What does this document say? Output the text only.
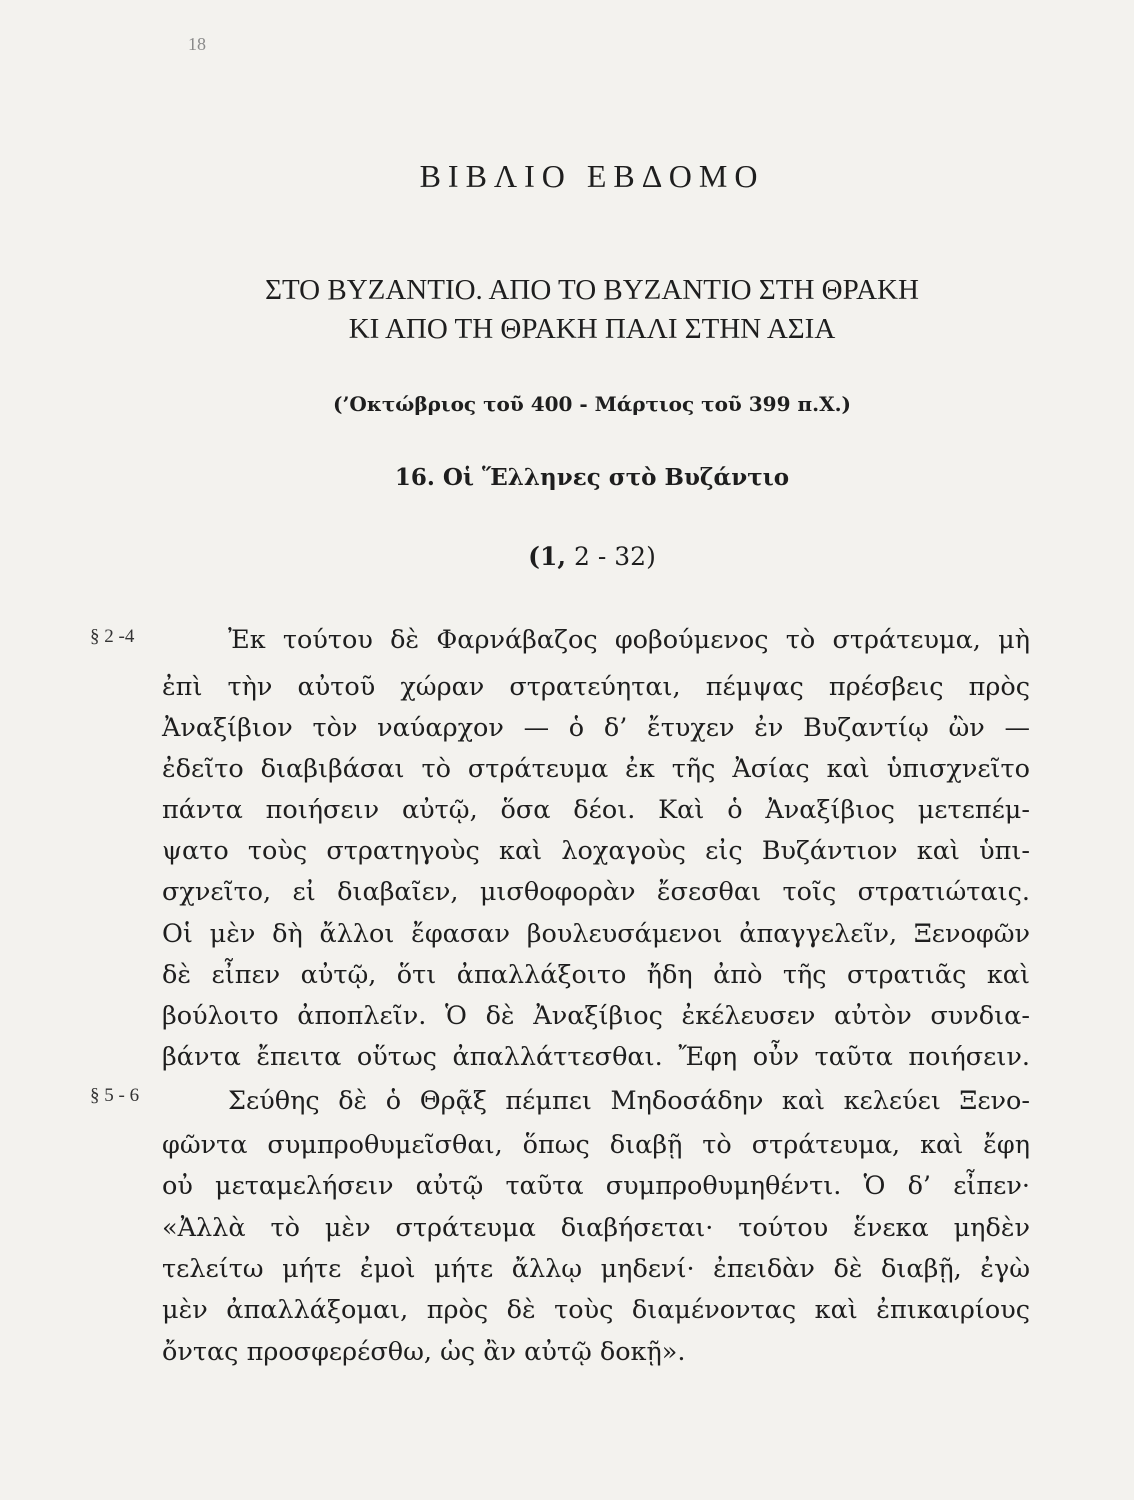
18
ΒΙΒΛΙΟ ΕΒΔΟΜΟ
ΣΤΟ ΒΥΖΑΝΤΙΟ. ΑΠΟ ΤΟ ΒΥΖΑΝΤΙΟ ΣΤΗ ΘΡΑΚΗ
ΚΙ ΑΠΟ ΤΗ ΘΡΑΚΗ ΠΑΛΙ ΣΤΗΝ ΑΣΙΑ
(’Οκτώβριος τοῦ 400 - Μάρτιος τοῦ 399 π.Χ.)
16. Οἱ Ἕλληνες στὸ Βυζάντιο
(1, 2 - 32)
§ 2 -4	Ἐκ τούτου δὲ Φαρνάβαζος φοβούμενος τὸ στράτευμα, μὴ
ἐπὶ τὴν αὐτοῦ χώραν στρατεύηται, πέμψας πρέσβεις πρὸς
Ἀναξίβιον τὸν ναύαρχον — ὁ δ’ ἔτυχεν ἐν Βυζαντίῳ ὢν —
ἐδεῖτο διαβιβάσαι τὸ στράτευμα ἐκ τῆς Ἀσίας καὶ ὑπισχνεῖτο
πάντα ποιήσειν αὐτῷ, ὅσα δέοι. Καὶ ὁ Ἀναξίβιος μετεπέμ-
ψατο τοὺς στρατηγοὺς καὶ λοχαγοὺς εἰς Βυζάντιον καὶ ὑπι-
σχνεῖτο, εἰ διαβαῖεν, μισθοφορὰν ἔσεσθαι τοῖς στρατιώταις.
Οἱ μὲν δὴ ἄλλοι ἔφασαν βουλευσάμενοι ἀπαγγελεῖν, Ξενοφῶν
δὲ εἶπεν αὐτῷ, ὅτι ἀπαλλάξοιτο ἤδη ἀπὸ τῆς στρατιᾶς καὶ
βούλοιτο ἀποπλεῖν. Ὁ δὲ Ἀναξίβιος ἐκέλευσεν αὐτὸν συνδια-
βάντα ἔπειτα οὕτως ἀπαλλάττεσθαι. Ἔφη οὖν ταῦτα ποιήσειν.
§ 5 - 6	Σεύθης δὲ ὁ Θρᾷξ πέμπει Μηδοσάδην καὶ κελεύει Ξενο-
φῶντα συμπροθυμεῖσθαι, ὅπως διαβῇ τὸ στράτευμα, καὶ ἔφη
οὐ μεταμελήσειν αὐτῷ ταῦτα συμπροθυμηθέντι. Ὁ δ’ εἶπεν·
«Ἀλλὰ τὸ μὲν στράτευμα διαβήσεται· τούτου ἕνεκα μηδὲν
τελείτω μήτε ἐμοὶ μήτε ἄλλῳ μηδενί· ἐπειδὰν δὲ διαβῇ, ἐγὼ
μὲν ἀπαλλάξομαι, πρὸς δὲ τοὺς διαμένοντας καὶ ἐπικαιρίους
ὄντας προσφερέσθω, ὡς ἂν αὐτῷ δοκῇ».
